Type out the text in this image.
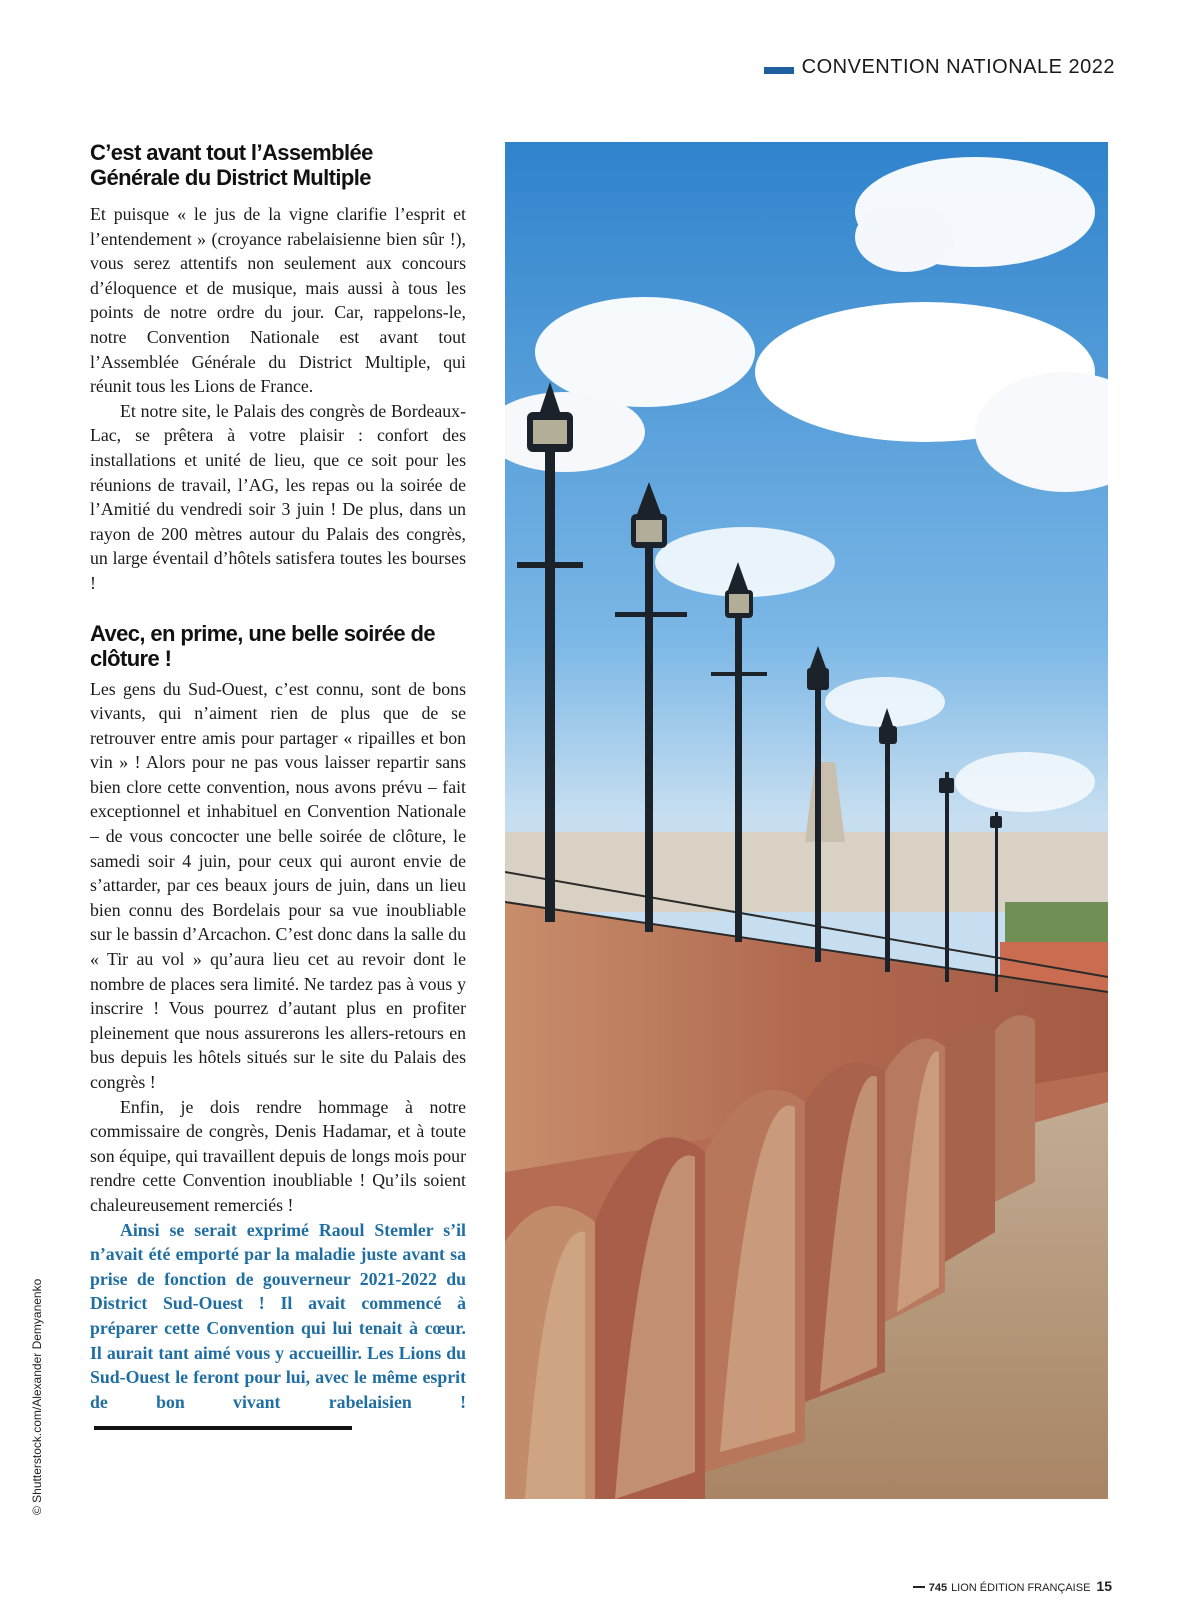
CONVENTION NATIONALE 2022
C’est avant tout l’Assemblée Générale du District Multiple

Et puisque « le jus de la vigne clarifie l’esprit et l’entendement » (croyance rabelaisienne bien sûr !), vous serez attentifs non seulement aux concours d’éloquence et de musique, mais aussi à tous les points de notre ordre du jour. Car, rappelons-le, notre Convention Nationale est avant tout l’Assemblée Générale du District Multiple, qui réunit tous les Lions de France.

Et notre site, le Palais des congrès de Bordeaux-Lac, se prêtera à votre plaisir : confort des installations et unité de lieu, que ce soit pour les réunions de travail, l’AG, les repas ou la soirée de l’Amitié du vendredi soir 3 juin ! De plus, dans un rayon de 200 mètres autour du Palais des congrès, un large éventail d’hôtels satisfera toutes les bourses !

Avec, en prime, une belle soirée de clôture !

Les gens du Sud-Ouest, c’est connu, sont de bons vivants, qui n’aiment rien de plus que de se retrouver entre amis pour partager « ripailles et bon vin » ! Alors pour ne pas vous laisser repartir sans bien clore cette convention, nous avons prévu – fait exceptionnel et inhabituel en Convention Nationale – de vous concocter une belle soirée de clôture, le samedi soir 4 juin, pour ceux qui auront envie de s’attarder, par ces beaux jours de juin, dans un lieu bien connu des Bordelais pour sa vue inoubliable sur le bassin d’Arcachon. C’est donc dans la salle du « Tir au vol » qu’aura lieu cet au revoir dont le nombre de places sera limité. Ne tardez pas à vous y inscrire ! Vous pourrez d’autant plus en profiter pleinement que nous assurerons les allers-retours en bus depuis les hôtels situés sur le site du Palais des congrès !

Enfin, je dois rendre hommage à notre commissaire de congrès, Denis Hadamar, et à toute son équipe, qui travaillent depuis de longs mois pour rendre cette Convention inoubliable ! Qu’ils soient chaleureusement remerciés !

Ainsi se serait exprimé Raoul Stemler s’il n’avait été emporté par la maladie juste avant sa prise de fonction de gouverneur 2021-2022 du District Sud-Ouest ! Il avait commencé à préparer cette Convention qui lui tenait à cœur. Il aurait tant aimé vous y accueillir. Les Lions du Sud-Ouest le feront pour lui, avec le même esprit de bon vivant rabelaisien !

© Shutterstock.com/Alexander Demyanenko
745 LION ÉDITION FRANÇAISE 15
